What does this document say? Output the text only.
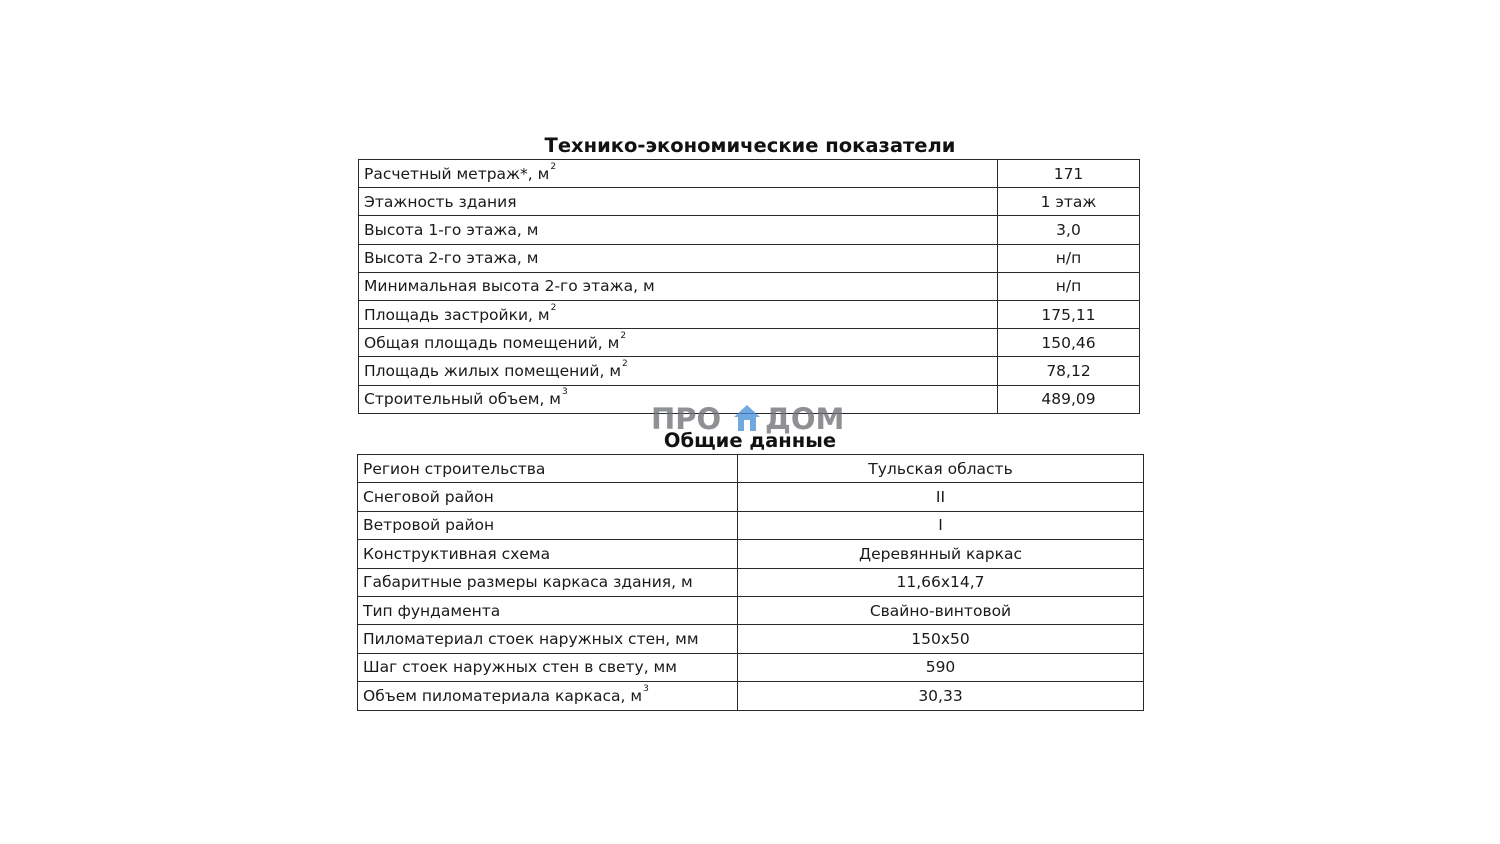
Технико-экономические показатели
Расчетный метраж*, $м^2$	171
Этажность здания	1 этаж
Высота 1-го этажа, м	3,0
Высота 2-го этажа, м	н/п
Минимальная высота 2-го этажа, м	н/п
Площадь застройки, $м^2$	175,11
Общая площадь помещений, $м^2$	150,46
Площадь жилых помещений, $м^2$	78,12
Строительный объем, $м^3$	489,09
ПРО ДОМ
Общие данные
Регион строительства	Тульская область
Снеговой район	II
Ветровой район	I
Конструктивная схема	Деревянный каркас
Габаритные размеры каркаса здания, м	11,66x14,7
Тип фундамента	Свайно-винтовой
Пиломатериал стоек наружных стен, мм	150x50
Шаг стоек наружных стен в свету, мм	590
Объем пиломатериала каркаса, $м^3$	30,33
